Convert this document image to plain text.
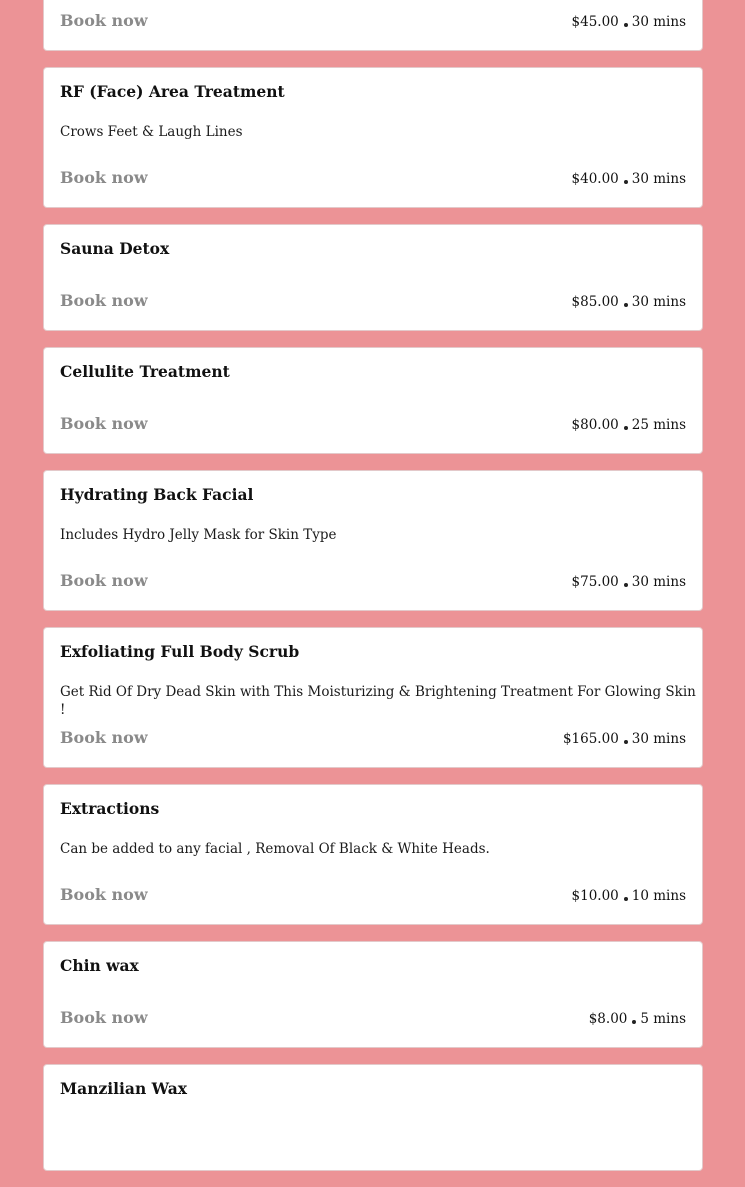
Book now	$45.00 30 mins
RF (Face) Area Treatment
Crows Feet & Laugh Lines
Book now	$40.00 30 mins
Sauna Detox
Book now	$85.00 30 mins
Cellulite Treatment
Book now	$80.00 25 mins
Hydrating Back Facial
Includes Hydro Jelly Mask for Skin Type
Book now	$75.00 30 mins
Exfoliating Full Body Scrub
Get Rid Of Dry Dead Skin with This Moisturizing & Brightening Treatment For Glowing Skin !
Book now	$165.00 30 mins
Extractions
Can be added to any facial , Removal Of Black & White Heads.
Book now	$10.00 10 mins
Chin wax
Book now	$8.00 5 mins
Manzilian Wax
